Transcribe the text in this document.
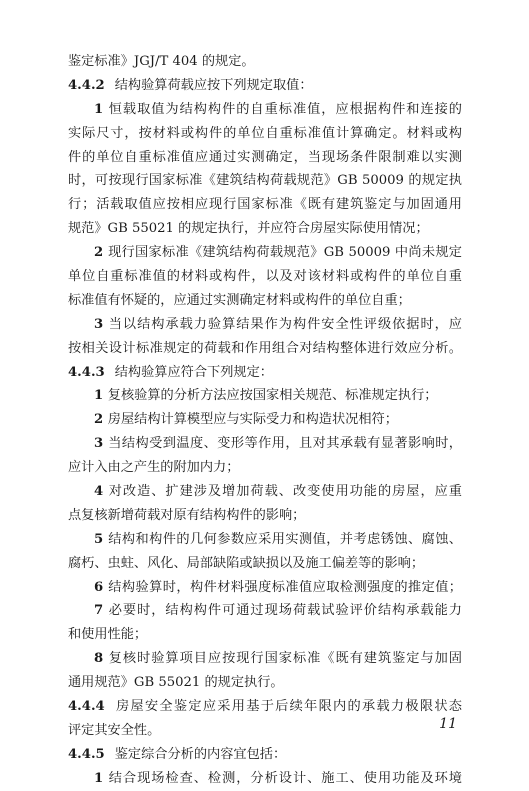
鉴定标准》JGJ/T 404 的规定。
4.4.2 结构验算荷载应按下列规定取值：
1 恒载取值为结构构件的自重标准值，应根据构件和连接的
实际尺寸，按材料或构件的单位自重标准值计算确定。材料或构
件的单位自重标准值应通过实测确定，当现场条件限制难以实测
时，可按现行国家标准《建筑结构荷载规范》GB 50009 的规定执
行；活载取值应按相应现行国家标准《既有建筑鉴定与加固通用
规范》GB 55021 的规定执行，并应符合房屋实际使用情况；
2 现行国家标准《建筑结构荷载规范》GB 50009 中尚未规定
单位自重标准值的材料或构件，以及对该材料或构件的单位自重
标准值有怀疑的，应通过实测确定材料或构件的单位自重；
3 当以结构承载力验算结果作为构件安全性评级依据时，应
按相关设计标准规定的荷载和作用组合对结构整体进行效应分析。
4.4.3 结构验算应符合下列规定：
1 复核验算的分析方法应按国家相关规范、标准规定执行；
2 房屋结构计算模型应与实际受力和构造状况相符；
3 当结构受到温度、变形等作用，且对其承载有显著影响时，
应计入由之产生的附加内力；
4 对改造、扩建涉及增加荷载、改变使用功能的房屋，应重
点复核新增荷载对原有结构构件的影响；
5 结构和构件的几何参数应采用实测值，并考虑锈蚀、腐蚀、
腐朽、虫蛀、风化、局部缺陷或缺损以及施工偏差等的影响；
6 结构验算时，构件材料强度标准值应取检测强度的推定值；
7 必要时，结构构件可通过现场荷载试验评价结构承载能力
和使用性能；
8 复核时验算项目应按现行国家标准《既有建筑鉴定与加固
通用规范》GB 55021 的规定执行。
4.4.4 房屋安全鉴定应采用基于后续年限内的承载力极限状态
评定其安全性。
4.4.5 鉴定综合分析的内容宜包括：
1 结合现场检查、检测，分析设计、施工、使用功能及环境
11
